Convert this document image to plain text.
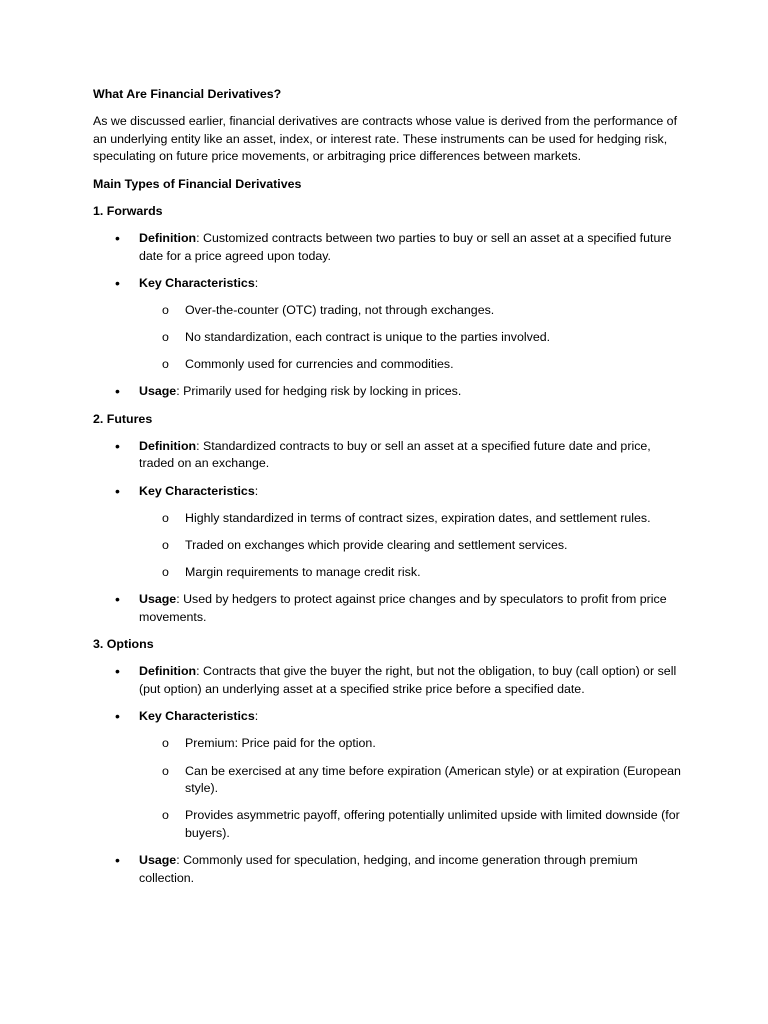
What Are Financial Derivatives?
As we discussed earlier, financial derivatives are contracts whose value is derived from the performance of an underlying entity like an asset, index, or interest rate. These instruments can be used for hedging risk, speculating on future price movements, or arbitraging price differences between markets.
Main Types of Financial Derivatives
1. Forwards
• Definition: Customized contracts between two parties to buy or sell an asset at a specified future date for a price agreed upon today.
• Key Characteristics:
o Over-the-counter (OTC) trading, not through exchanges.
o No standardization, each contract is unique to the parties involved.
o Commonly used for currencies and commodities.
• Usage: Primarily used for hedging risk by locking in prices.
2. Futures
• Definition: Standardized contracts to buy or sell an asset at a specified future date and price, traded on an exchange.
• Key Characteristics:
o Highly standardized in terms of contract sizes, expiration dates, and settlement rules.
o Traded on exchanges which provide clearing and settlement services.
o Margin requirements to manage credit risk.
• Usage: Used by hedgers to protect against price changes and by speculators to profit from price movements.
3. Options
• Definition: Contracts that give the buyer the right, but not the obligation, to buy (call option) or sell (put option) an underlying asset at a specified strike price before a specified date.
• Key Characteristics:
o Premium: Price paid for the option.
o Can be exercised at any time before expiration (American style) or at expiration (European style).
o Provides asymmetric payoff, offering potentially unlimited upside with limited downside (for buyers).
• Usage: Commonly used for speculation, hedging, and income generation through premium collection.
